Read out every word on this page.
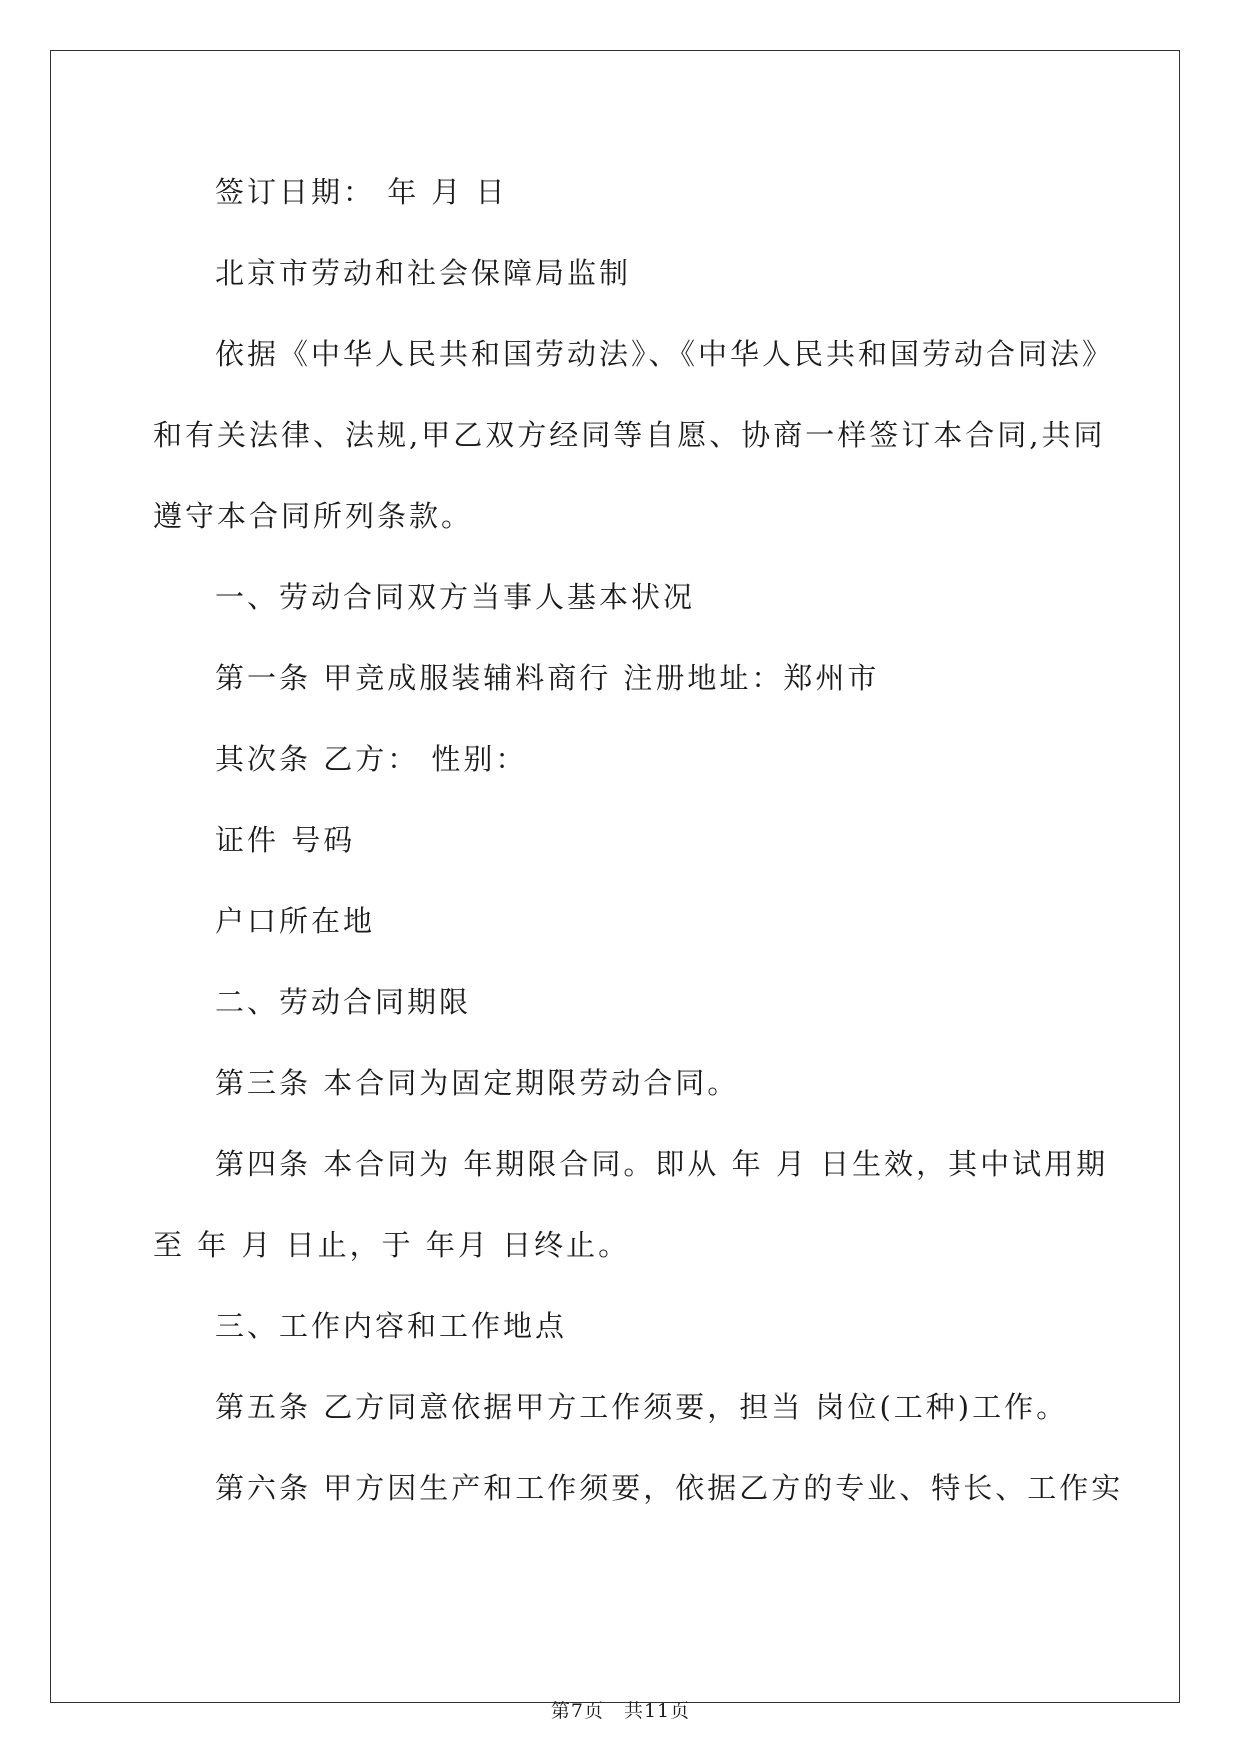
签订日期： 年 月 日
北京市劳动和社会保障局监制
依据《中华人民共和国劳动法》、《中华人民共和国劳动合同法》
和有关法律、法规,甲乙双方经同等自愿、协商一样签订本合同,共同
遵守本合同所列条款。
一、劳动合同双方当事人基本状况
第一条 甲竞成服装辅料商行 注册地址：郑州市
其次条 乙方： 性别：
证件 号码
户口所在地
二、劳动合同期限
第三条 本合同为固定期限劳动合同。
第四条 本合同为 年期限合同。即从 年 月 日生效，其中试用期
至 年 月 日止，于 年月 日终止。
三、工作内容和工作地点
第五条 乙方同意依据甲方工作须要，担当 岗位(工种)工作。
第六条 甲方因生产和工作须要，依据乙方的专业、特长、工作实
第7页 共11页
